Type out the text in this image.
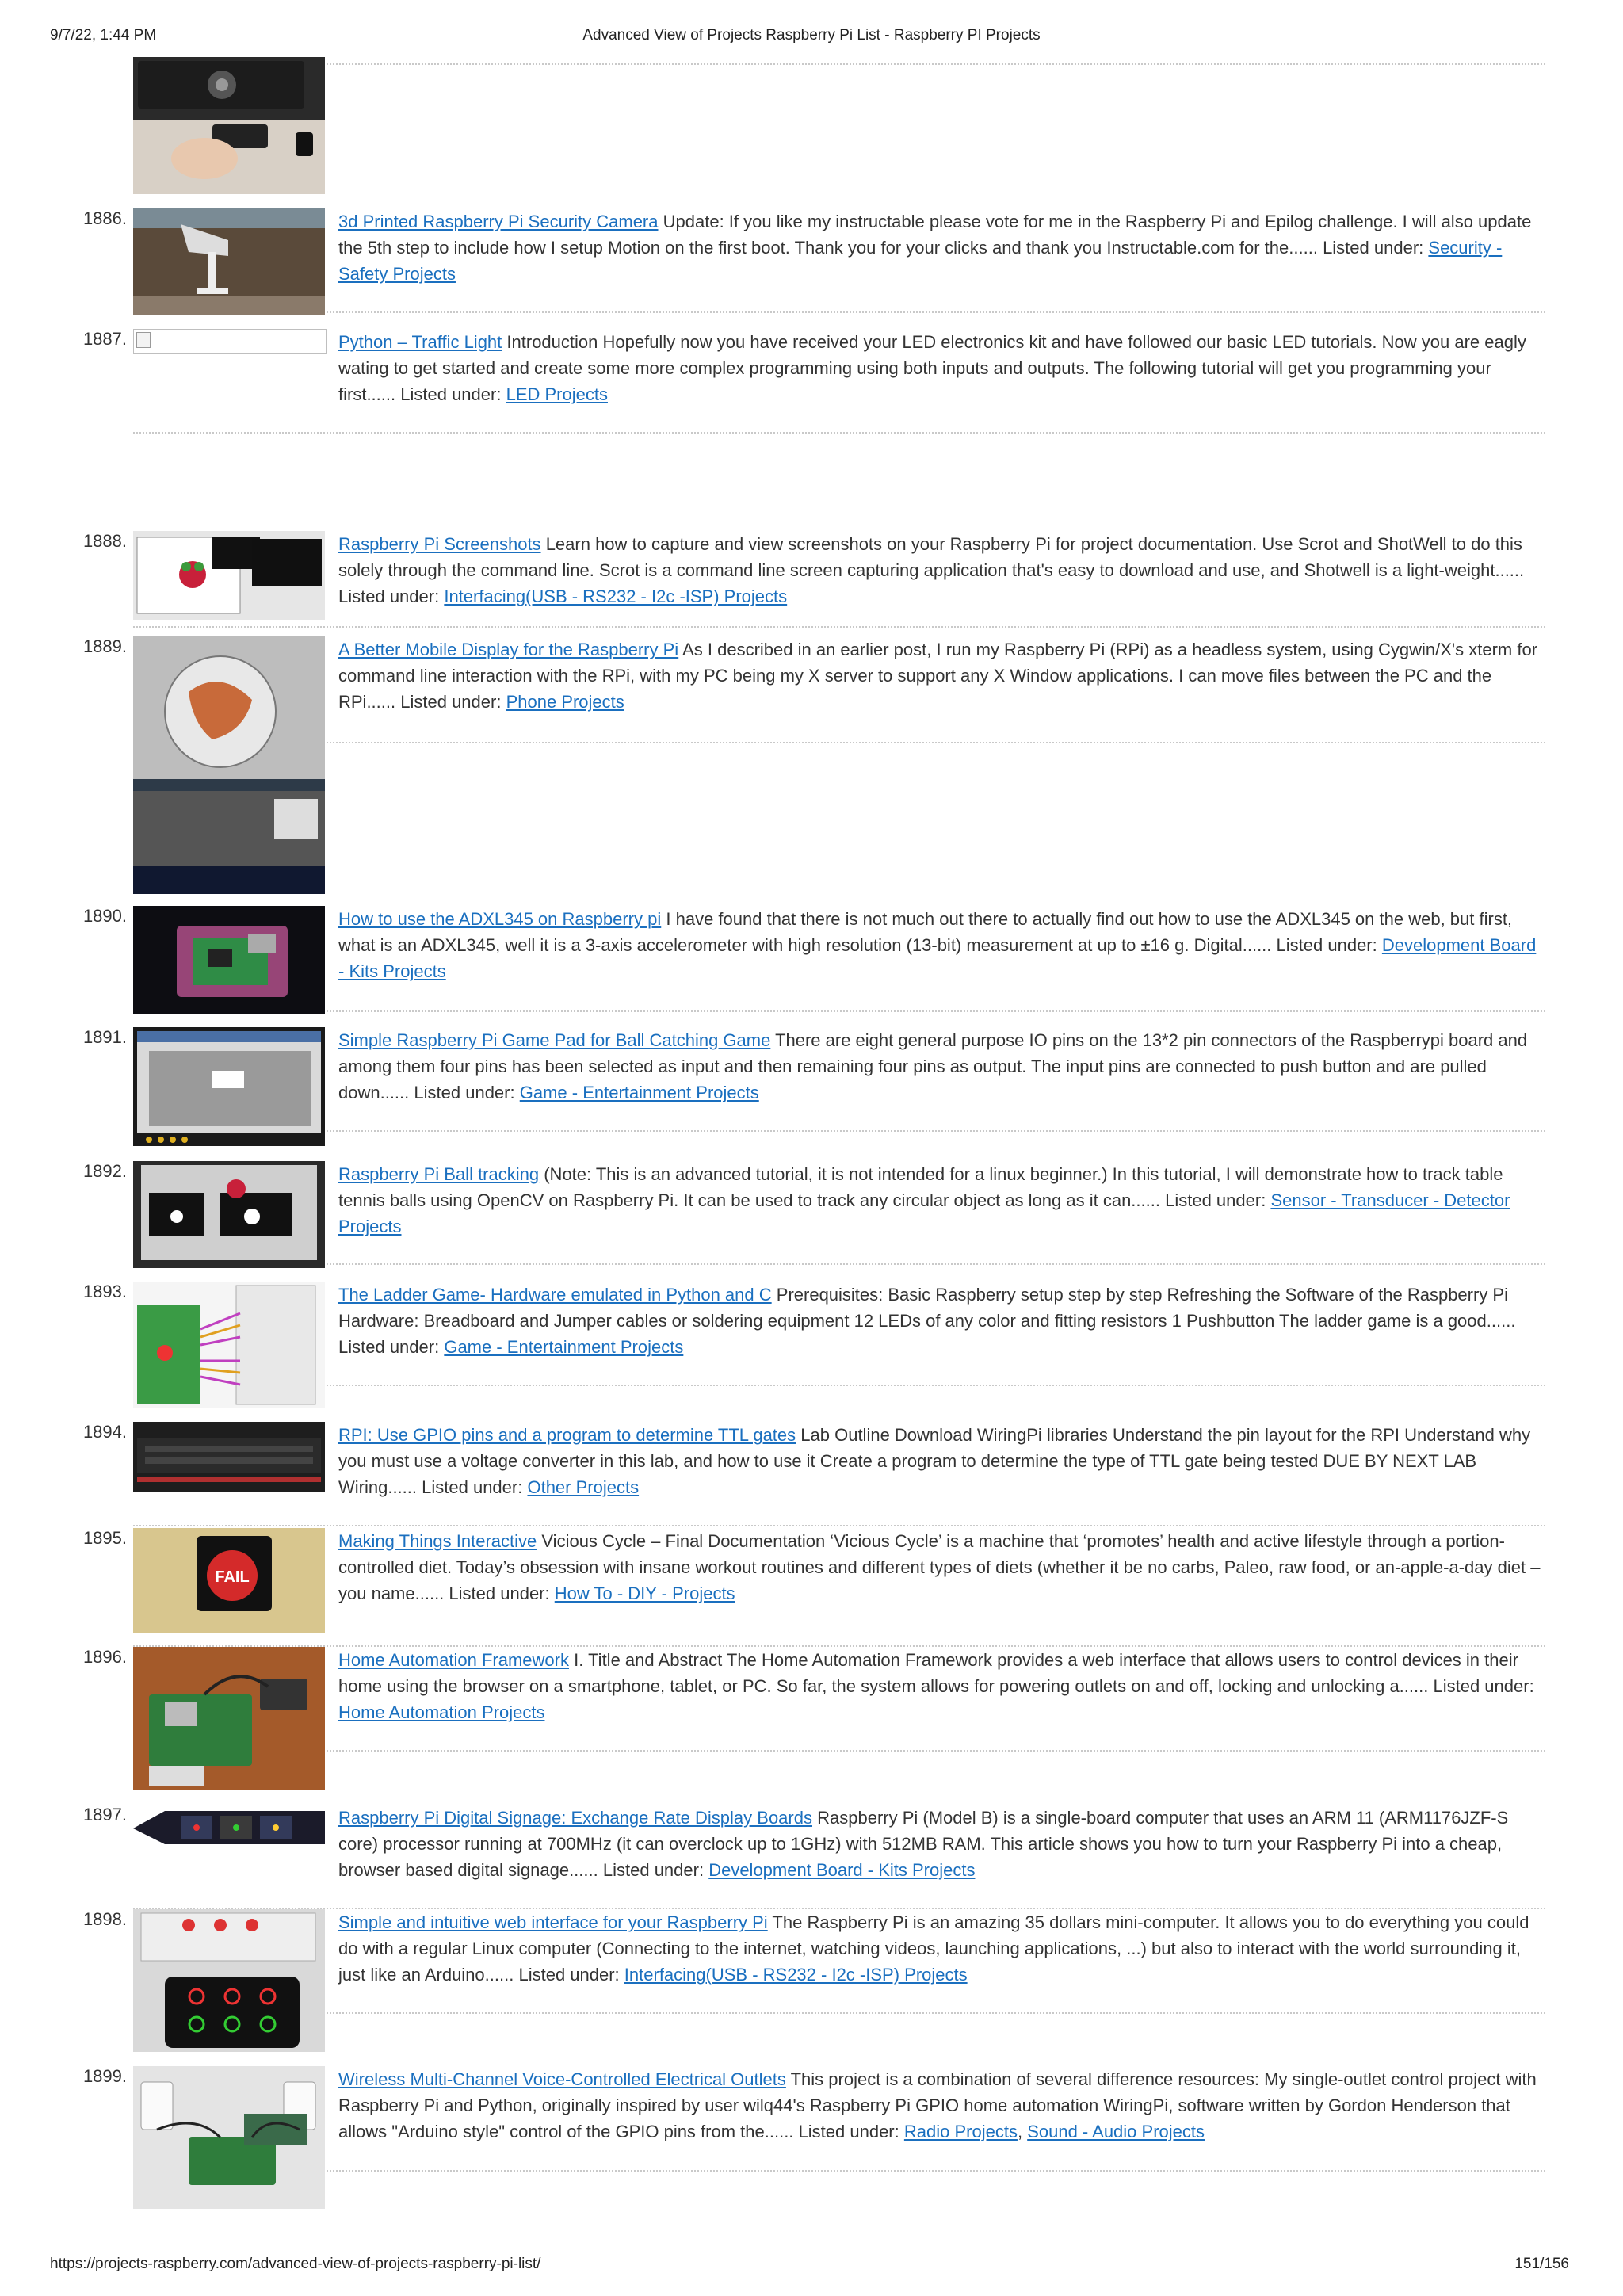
9/7/22, 1:44 PM	Advanced View of Projects Raspberry Pi List - Raspberry PI Projects
1886.	3d Printed Raspberry Pi Security Camera Update: If you like my instructable please vote for me in the Raspberry Pi and Epilog challenge. I will also update the 5th step to include how I setup Motion on the first boot. Thank you for your clicks and thank you Instructable.com for the...... Listed under: Security - Safety Projects
1887.	Python – Traffic Light Introduction Hopefully now you have received your LED electronics kit and have followed our basic LED tutorials. Now you are eagly wating to get started and create some more complex programming using both inputs and outputs. The following tutorial will get you programming your first...... Listed under: LED Projects
1888.	Raspberry Pi Screenshots Learn how to capture and view screenshots on your Raspberry Pi for project documentation. Use Scrot and ShotWell to do this solely through the command line. Scrot is a command line screen capturing application that's easy to download and use, and Shotwell is a light-weight...... Listed under: Interfacing(USB - RS232 - I2c -ISP) Projects
1889.	A Better Mobile Display for the Raspberry Pi As I described in an earlier post, I run my Raspberry Pi (RPi) as a headless system, using Cygwin/X's xterm for command line interaction with the RPi, with my PC being my X server to support any X Window applications. I can move files between the PC and the RPi...... Listed under: Phone Projects
1890.	How to use the ADXL345 on Raspberry pi I have found that there is not much out there to actually find out how to use the ADXL345 on the web, but first, what is an ADXL345, well it is a 3-axis accelerometer with high resolution (13-bit) measurement at up to ±16 g. Digital...... Listed under: Development Board - Kits Projects
1891.	Simple Raspberry Pi Game Pad for Ball Catching Game There are eight general purpose IO pins on the 13*2 pin connectors of the Raspberrypi board and among them four pins has been selected as input and then remaining four pins as output. The input pins are connected to push button and are pulled down...... Listed under: Game - Entertainment Projects
1892.	Raspberry Pi Ball tracking (Note: This is an advanced tutorial, it is not intended for a linux beginner.) In this tutorial, I will demonstrate how to track table tennis balls using OpenCV on Raspberry Pi. It can be used to track any circular object as long as it can...... Listed under: Sensor - Transducer - Detector Projects
1893.	The Ladder Game- Hardware emulated in Python and C Prerequisites: Basic Raspberry setup step by step Refreshing the Software of the Raspberry Pi Hardware: Breadboard and Jumper cables or soldering equipment 12 LEDs of any color and fitting resistors 1 Pushbutton The ladder game is a good...... Listed under: Game - Entertainment Projects
1894.	RPI: Use GPIO pins and a program to determine TTL gates Lab Outline Download WiringPi libraries Understand the pin layout for the RPI Understand why you must use a voltage converter in this lab, and how to use it Create a program to determine the type of TTL gate being tested DUE BY NEXT LAB Wiring...... Listed under: Other Projects
1895.
FAIL
Making Things Interactive Vicious Cycle – Final Documentation ‘Vicious Cycle’ is a machine that ‘promotes’ health and active lifestyle through a portion-controlled diet. Today’s obsession with insane workout routines and different types of diets (whether it be no carbs, Paleo, raw food, or an-apple-a-day diet – you name...... Listed under: How To - DIY - Projects
1896.	Home Automation Framework I. Title and Abstract The Home Automation Framework provides a web interface that allows users to control devices in their home using the browser on a smartphone, tablet, or PC. So far, the system allows for powering outlets on and off, locking and unlocking a...... Listed under: Home Automation Projects
1897.	Raspberry Pi Digital Signage: Exchange Rate Display Boards Raspberry Pi (Model B) is a single-board computer that uses an ARM 11 (ARM1176JZF-S core) processor running at 700MHz (it can overclock up to 1GHz) with 512MB RAM. This article shows you how to turn your Raspberry Pi into a cheap, browser based digital signage...... Listed under: Development Board - Kits Projects
1898.	Simple and intuitive web interface for your Raspberry Pi The Raspberry Pi is an amazing 35 dollars mini-computer. It allows you to do everything you could do with a regular Linux computer (Connecting to the internet, watching videos, launching applications, ...) but also to interact with the world surrounding it, just like an Arduino...... Listed under: Interfacing(USB - RS232 - I2c -ISP) Projects
1899.	Wireless Multi-Channel Voice-Controlled Electrical Outlets This project is a combination of several difference resources: My single-outlet control project with Raspberry Pi and Python, originally inspired by user wilq44's Raspberry Pi GPIO home automation WiringPi, software written by Gordon Henderson that allows "Arduino style" control of the GPIO pins from the...... Listed under: Radio Projects, Sound - Audio Projects
https://projects-raspberry.com/advanced-view-of-projects-raspberry-pi-list/	151/156
